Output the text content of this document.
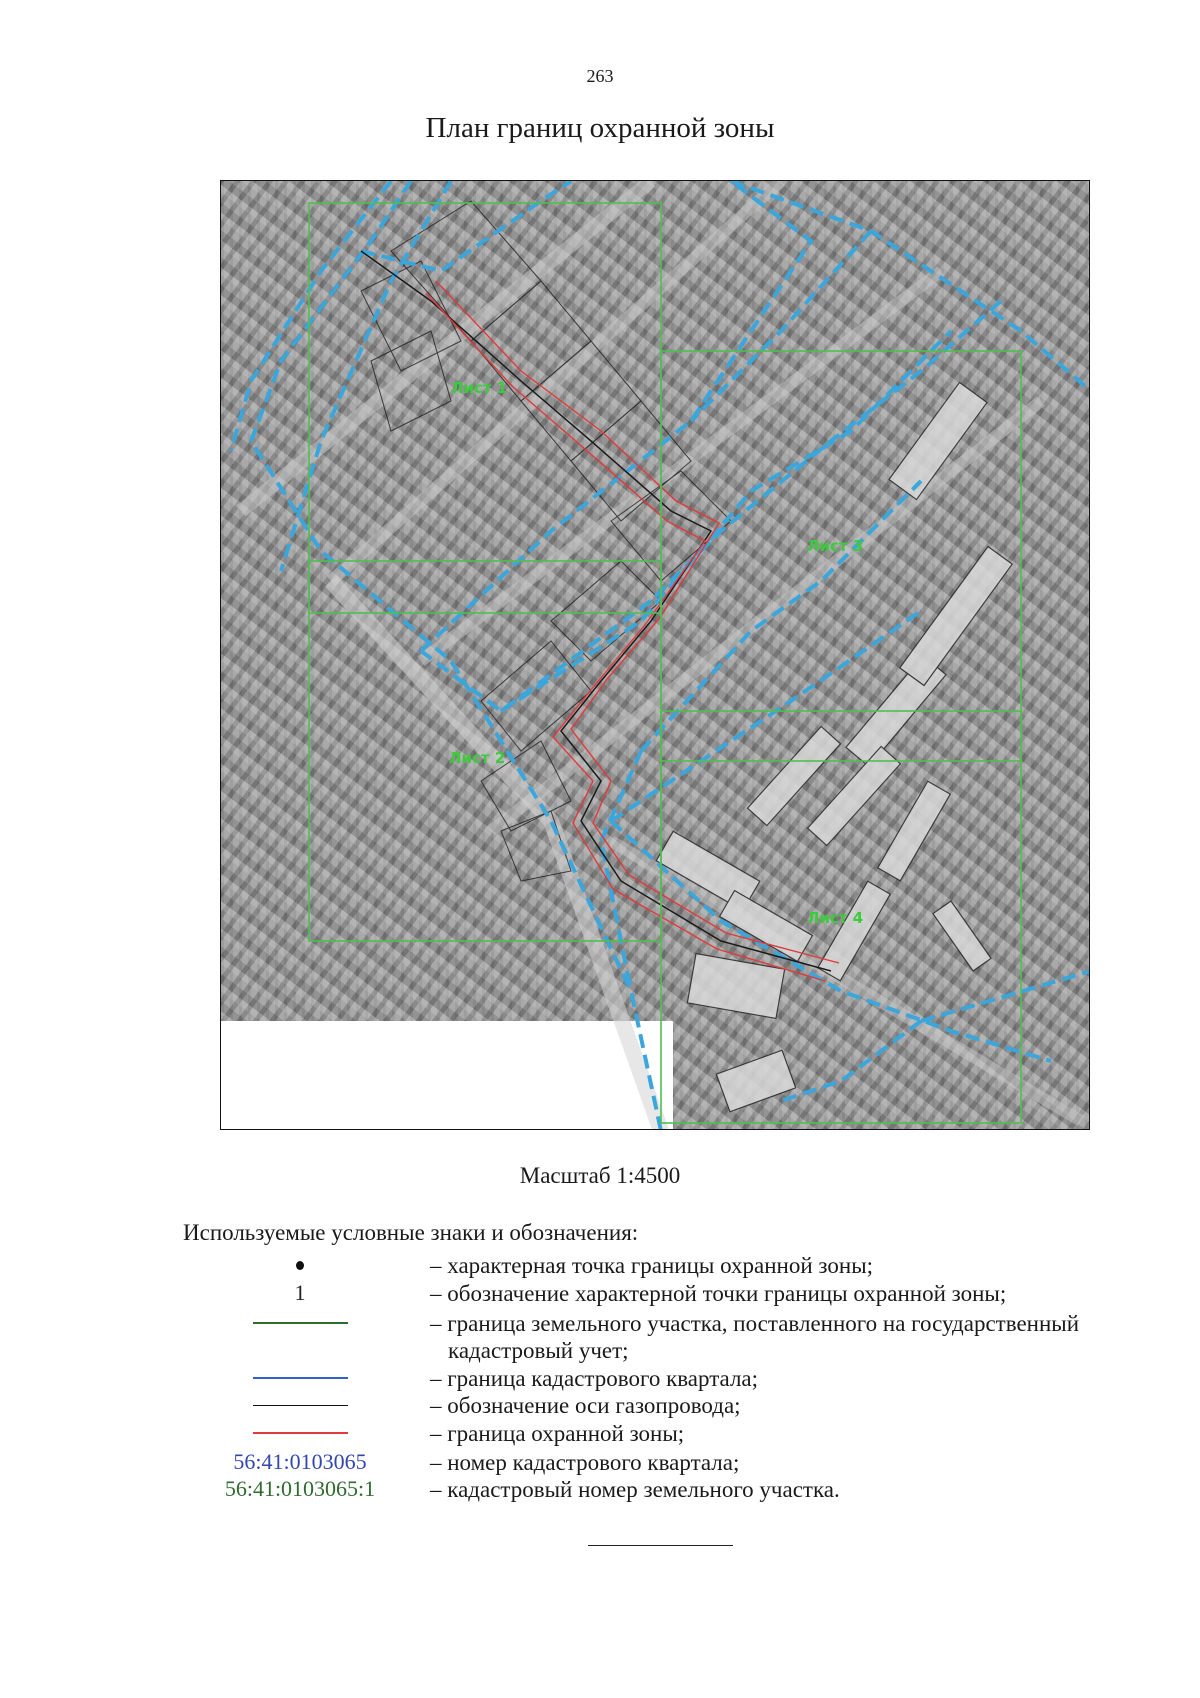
263
План границ охранной зоны
Лист 1
Лист 2
Лист 3
Лист 4
Масштаб 1:4500
Используемые условные знаки и обозначения:
– характерная точка границы охранной зоны;
1	– обозначение характерной точки границы охранной зоны;
– граница земельного участка, поставленного на государственный
кадастровый учет;
– граница кадастрового квартала;
– обозначение оси газопровода;
– граница охранной зоны;
56:41:0103065	– номер кадастрового квартала;
56:41:0103065:1 – кадастровый номер земельного участка.
